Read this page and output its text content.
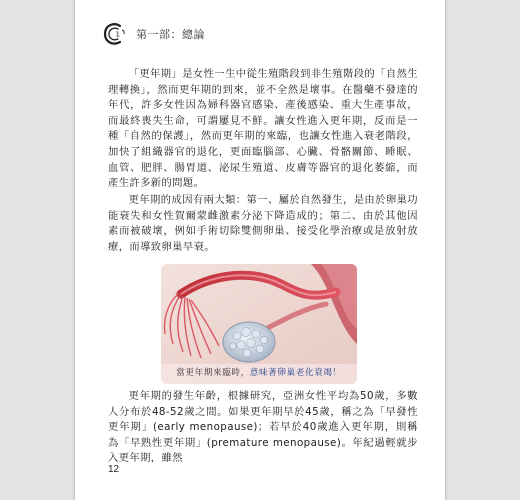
1 第一部：總論

「更年期」是女性一生中從生殖階段到非生殖階段的「自然生理轉換」，然而更年期的到來，並不全然是壞事。在醫藥不發達的年代，許多女性因為婦科器官感染、產後感染、重大生產事故，而最終喪失生命，可謂屢見不鮮。讓女性進入更年期，反而是一種「自然的保護」，然而更年期的來臨，也讓女性進入衰老階段，加快了組織器官的退化，更面臨腦部、心臟、骨骼關節、睡眠、血管、肥胖、腸胃道、泌尿生殖道、皮膚等器官的退化萎縮，而產生許多新的問題。

更年期的成因有兩大類：第一、屬於自然發生，是由於卵巢功能衰失和女性賀爾蒙雌激素分泌下降造成的；第二、由於其他因素而被破壞，例如手術切除雙側卵巢、接受化學治療或是放射放療，而導致卵巢早衰。

當更年期來臨時，意味著卵巢老化衰竭！

更年期的發生年齡，根據研究，亞洲女性平均為50歲，多數人分布於48-52歲之間。如果更年期早於45歲，稱之為「早發性更年期」(early menopause)；若早於40歲進入更年期，則稱為「早熟性更年期」(premature menopause)。年紀過輕就步入更年期，雖然

12
